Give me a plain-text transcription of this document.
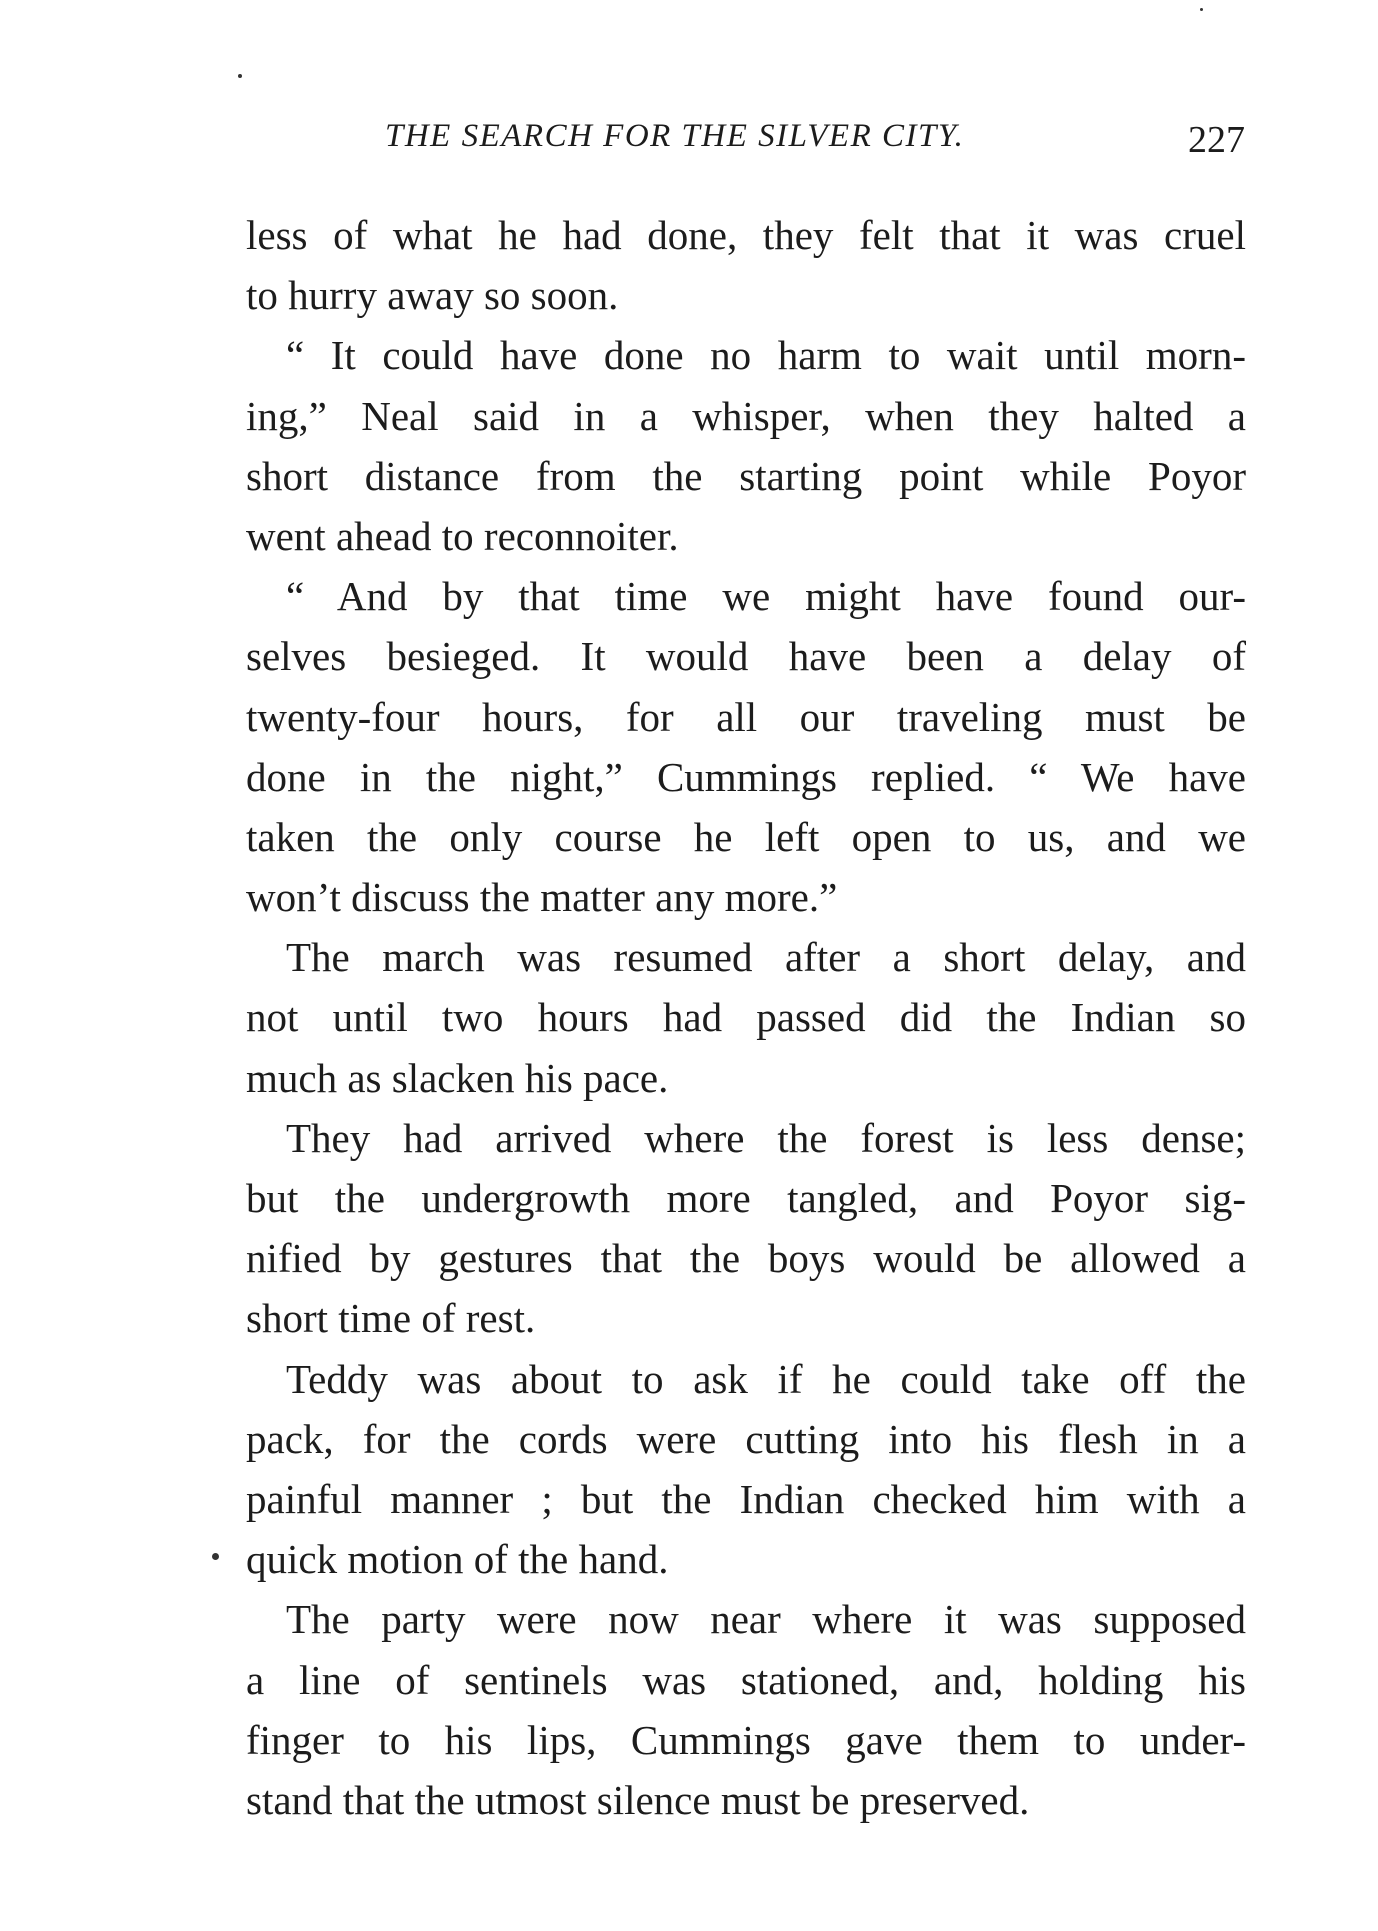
THE SEARCH FOR THE SILVER CITY.	227
less of what he had done, they felt that it was cruel
to hurry away so soon.
“ It could have done no harm to wait until morn-
ing,” Neal said in a whisper, when they halted a
short distance from the starting point while Poyor
went ahead to reconnoiter.
“ And by that time we might have found our-
selves besieged. It would have been a delay of
twenty-four hours, for all our traveling must be
done in the night,” Cummings replied. “ We have
taken the only course he left open to us, and we
won’t discuss the matter any more.”
The march was resumed after a short delay, and
not until two hours had passed did the Indian so
much as slacken his pace.
They had arrived where the forest is less dense;
but the undergrowth more tangled, and Poyor sig-
nified by gestures that the boys would be allowed a
short time of rest.
Teddy was about to ask if he could take off the
pack, for the cords were cutting into his flesh in a
painful manner ; but the Indian checked him with a
quick motion of the hand.
The party were now near where it was supposed
a line of sentinels was stationed, and, holding his
finger to his lips, Cummings gave them to under-
stand that the utmost silence must be preserved.
